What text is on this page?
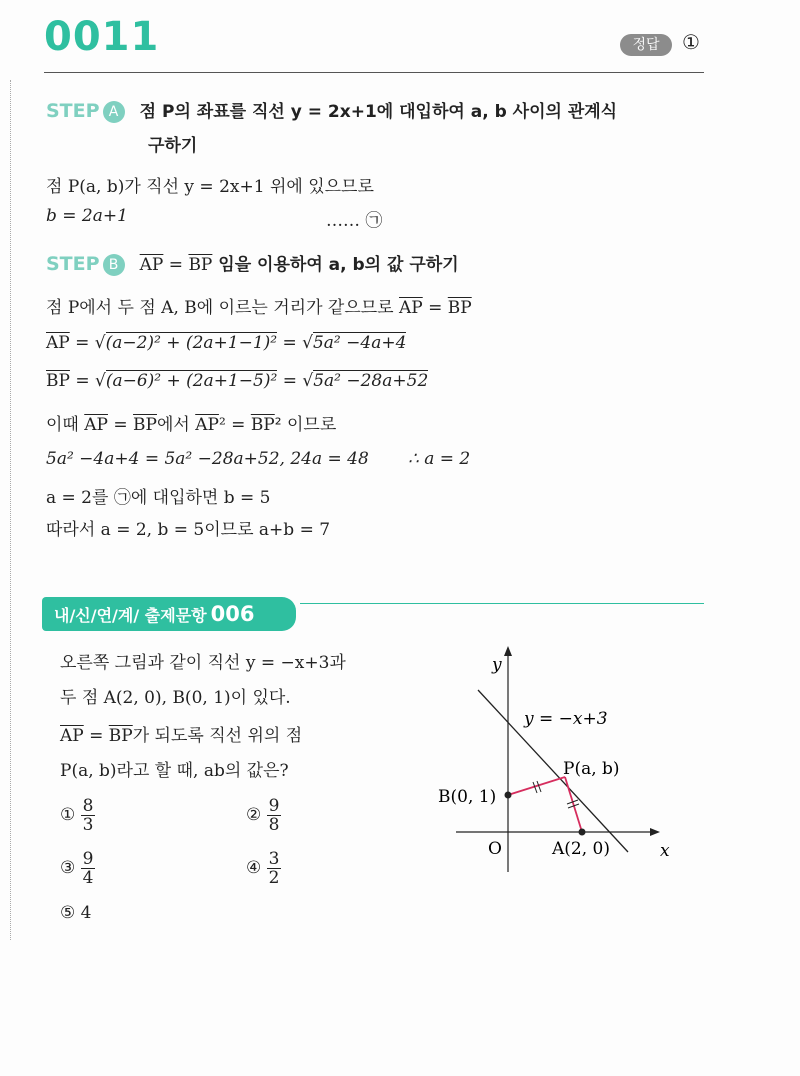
0011	정답	①
STEP A 점 P의 좌표를 직선 y = 2x+1에 대입하여 a, b 사이의 관계식
구하기
점 P(a, b)가 직선 y = 2x+1 위에 있으므로
b = 2a+1	…… ㉠
STEP B $\overline{AP} = \overline{BP}$ 임을 이용하여 a, b의 값 구하기
점 P에서 두 점 A, B에 이르는 거리가 같으므로 $\overline{AP} = \overline{BP}$
$\overline{AP} = √(a-2)^2 + (2a+1-1)^2 = √5a^2 -4a+4$
$\overline{BP} = √(a-6)^2 + (2a+1-5)^2 = √5a^2 -28a+52$
이때 $\overline{AP} = \overline{BP}$에서 $\overline{AP}^2 = \overline{BP}^2$ 이므로
5a² −4a+4 = 5a² −28a+52, 24a = 48 ∴ a = 2
a = 2를 ㉠에 대입하면 b = 5
따라서 a = 2, b = 5이므로 a+b = 7
내/신/연/계/ 출제문항 006
오른쪽 그림과 같이 직선 y = −x+3과
두 점 A(2, 0), B(0, 1)이 있다.
$\overline{AP} = \overline{BP}$가 되도록 직선 위의 점
P(a, b)라고 할 때, ab의 값은?
① $\frac{8}{3}$	② $\frac{9}{8}$
③ $\frac{9}{4}$	④ $\frac{3}{2}$
⑤ 4
y
x
O
y = −x+3
P(a, b)
B(0, 1)
A(2, 0)
